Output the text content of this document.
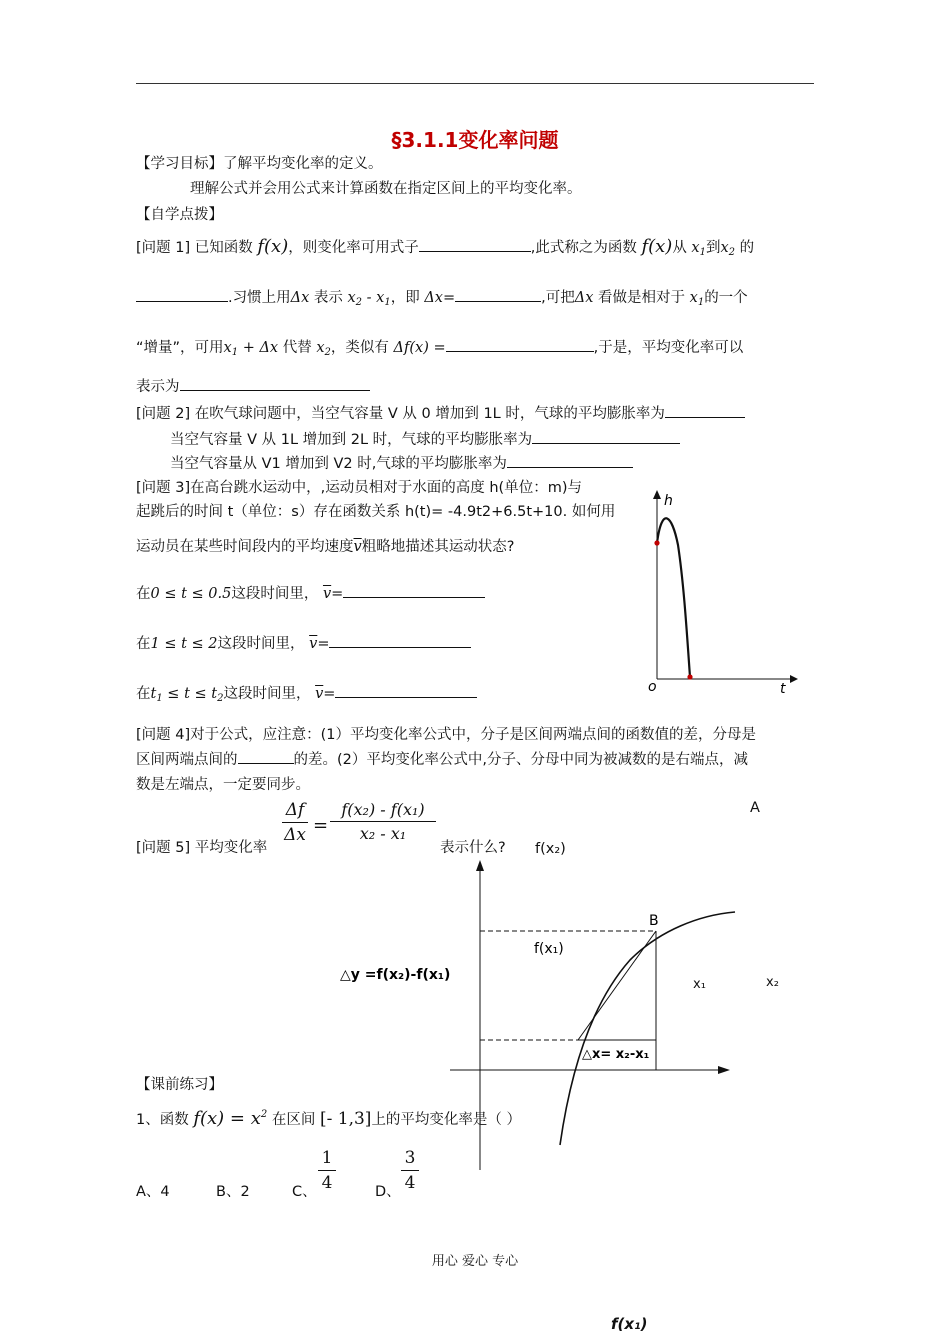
§3.1.1变化率问题
【学习目标】了解平均变化率的定义。
理解公式并会用公式来计算函数在指定区间上的平均变化率。
【自学点拨】
[问题 1] 已知函数 f(x)，则变化率可用式子	,此式称之为函数 f(x)从 $x_1$到$x_2$ 的
.习惯上用Δx 表示 $x_2 - x_1$，即 Δx=	,可把Δx 看做是相对于 $x_1$的一个
“增量”，可用$x_1 + \Delta x$ 代替 $x_2$，类似有 Δf(x) =	,于是，平均变化率可以
表示为
[问题 2] 在吹气球问题中，当空气容量 V 从 0 增加到 1L 时，气球的平均膨胀率为
当空气容量 V 从 1L 增加到 2L 时，气球的平均膨胀率为
当空气容量从 V1 增加到 V2 时,气球的平均膨胀率为
[问题 3]在高台跳水运动中，,运动员相对于水面的高度 h(单位：m)与
起跳后的时间 t（单位：s）存在函数关系 h(t)= -4.9t2+6.5t+10. 如何用
运动员在某些时间段内的平均速度$\overline{v}$粗略地描述其运动状态?
在0 ≤ t ≤ 0.5这段时间里， $\overline{v}=$
在1 ≤ t ≤ 2这段时间里， $\overline{v}=$
在$t_1 \le t \le t_2$这段时间里， $\overline{v}=$
h
o	t
[问题 4]对于公式，应注意：(1）平均变化率公式中，分子是区间两端点间的函数值的差，分母是
区间两端点间的	的差。(2）平均变化率公式中,分子、分母中同为被减数的是右端点，减
数是左端点，一定要同步。
[问题 5] 平均变化率
Δf
Δx =
f(x₂) - f(x₁)
x₂ - x₁
表示什么?
A
f(x₂)
B
f(x₁)
△y =f(x₂)-f(x₁)
△x= x₂-x₁
x₁	x₂
【课前练习】
1、函数 $f(x) = x^2$ 在区间 [- 1,3]上的平均变化率是（ ）
A、4	B、2	C、
1
4	D、
3
4
用心 爱心 专心
f(x₁)
